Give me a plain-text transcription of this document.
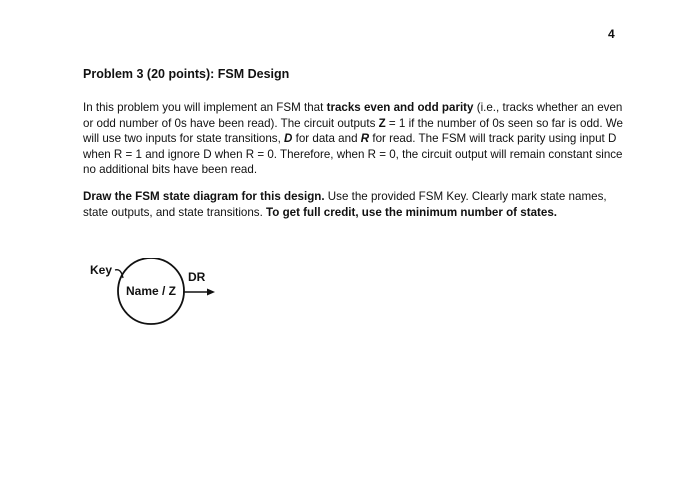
4
Problem 3 (20 points): FSM Design
In this problem you will implement an FSM that tracks even and odd parity (i.e., tracks whether an even or odd number of 0s have been read). The circuit outputs Z = 1 if the number of 0s seen so far is odd. We will use two inputs for state transitions, D for data and R for read. The FSM will track parity using input D when R = 1 and ignore D when R = 0. Therefore, when R = 0, the circuit output will remain constant since no additional bits have been read.
Draw the FSM state diagram for this design. Use the provided FSM Key. Clearly mark state names, state outputs, and state transitions. To get full credit, use the minimum number of states.
Key
Name / Z
DR
